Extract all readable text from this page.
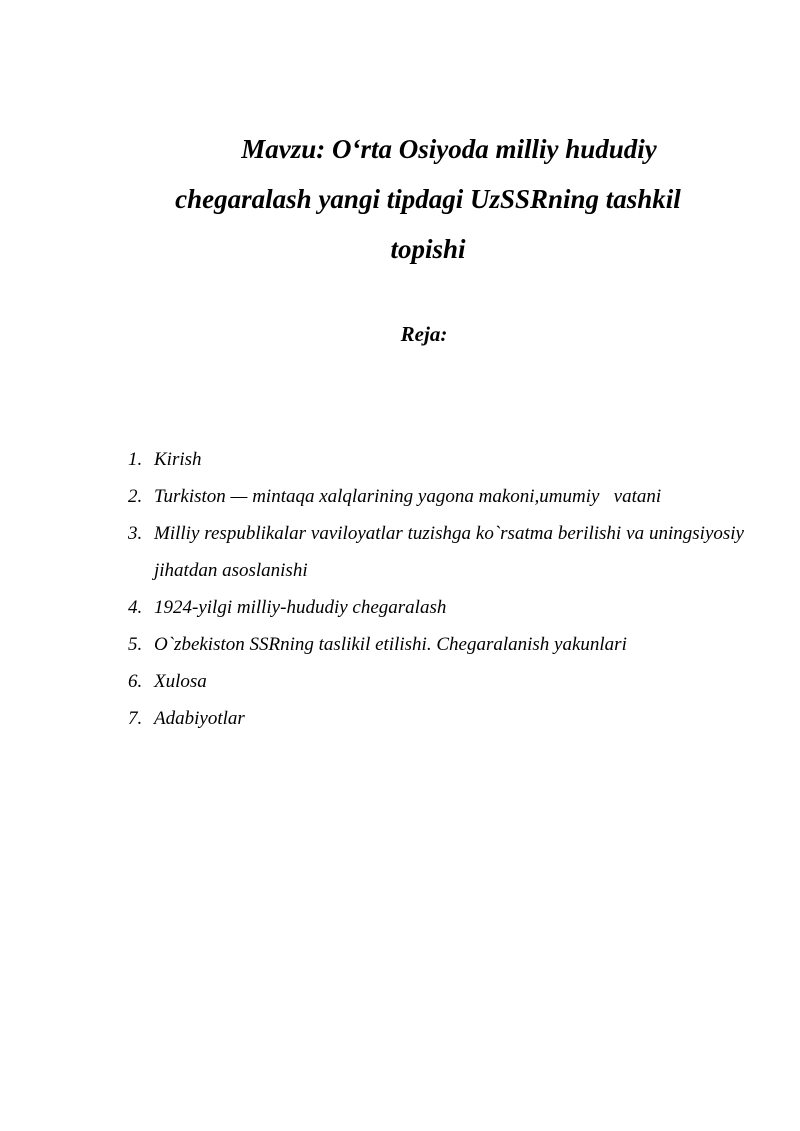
Mavzu: O‘rta Osiyoda milliy hududiy
chegaralash yangi tipdagi UzSSRning tashkil
topishi
Reja:
1. Kirish
2. Turkiston — mintaqa xalqlarining yagona makoni,umumiy   vatani
3. Milliy respublikalar vaviloyatlar tuzishga ko`rsatma berilishi va uningsiyosiy jihatdan asoslanishi
4. 1924-yilgi milliy-hududiy chegaralash
5. O`zbekiston SSRning taslikil etilishi. Chegaralanish yakunlari
6. Xulosa
7. Adabiyotlar
